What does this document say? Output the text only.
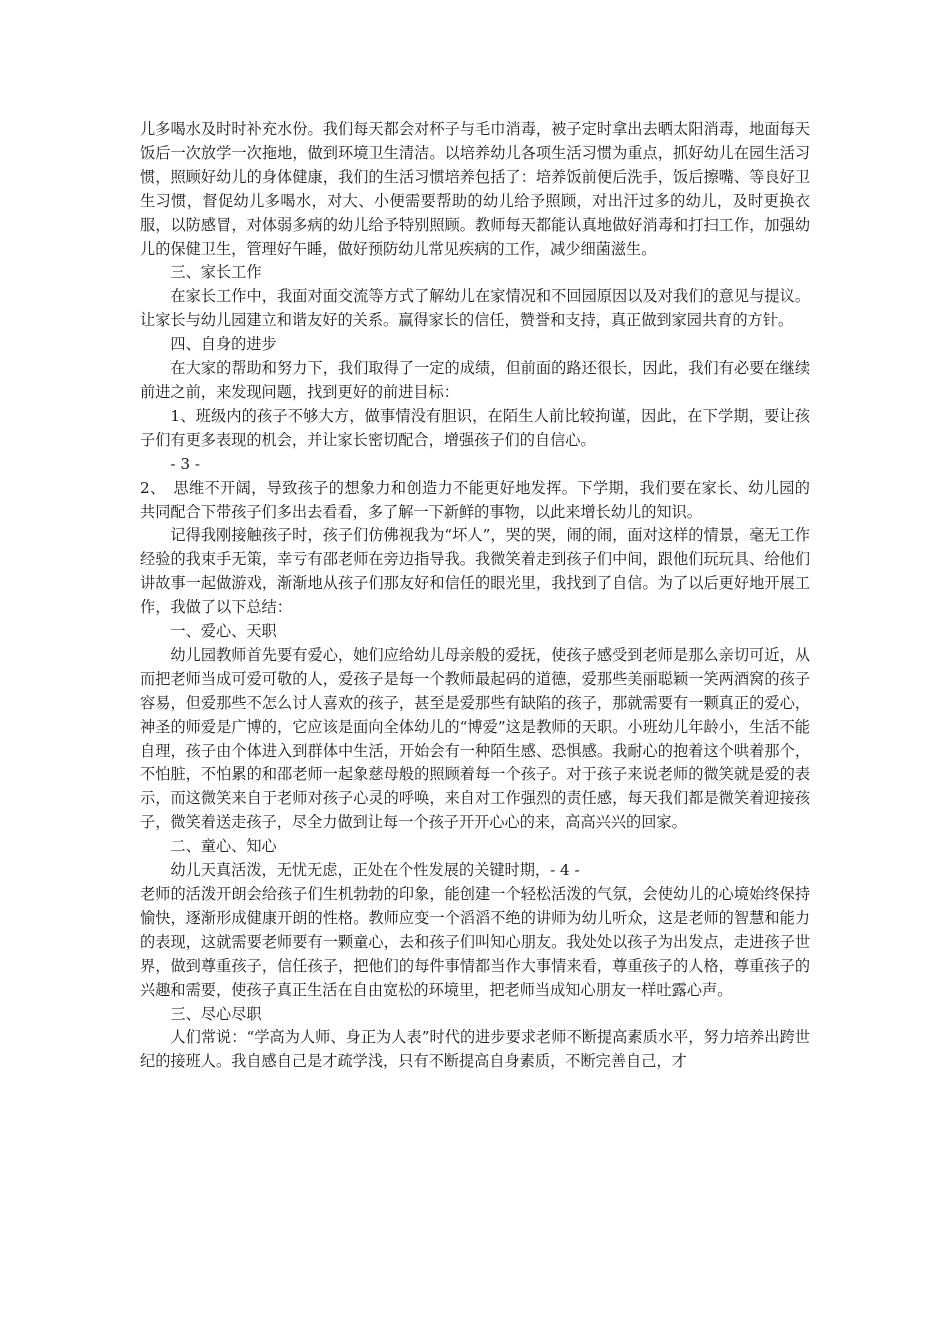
儿多喝水及时时补充水份。我们每天都会对杯子与毛巾消毒，被子定时拿出去晒太阳消毒，地面每天饭后一次放学一次拖地，做到环境卫生清洁。以培养幼儿各项生活习惯为重点，抓好幼儿在园生活习惯，照顾好幼儿的身体健康，我们的生活习惯培养包括了：培养饭前便后洗手，饭后擦嘴、等良好卫生习惯，督促幼儿多喝水，对大、小便需要帮助的幼儿给予照顾，对出汗过多的幼儿，及时更换衣服，以防感冒，对体弱多病的幼儿给予特别照顾。教师每天都能认真地做好消毒和打扫工作，加强幼儿的保健卫生，管理好午睡，做好预防幼儿常见疾病的工作，减少细菌滋生。

三、家长工作

在家长工作中，我面对面交流等方式了解幼儿在家情况和不回园原因以及对我们的意见与提议。让家长与幼儿园建立和谐友好的关系。赢得家长的信任，赞誉和支持，真正做到家园共育的方针。

四、自身的进步

在大家的帮助和努力下，我们取得了一定的成绩，但前面的路还很长，因此，我们有必要在继续前进之前，来发现问题，找到更好的前进目标：

1、班级内的孩子不够大方，做事情没有胆识，在陌生人前比较拘谨，因此，在下学期，要让孩子们有更多表现的机会，并让家长密切配合，增强孩子们的自信心。

- 3 -

2、　思维不开阔，导致孩子的想象力和创造力不能更好地发挥。下学期，我们要在家长、幼儿园的共同配合下带孩子们多出去看看，多了解一下新鲜的事物，以此来增长幼儿的知识。

记得我刚接触孩子时，孩子们仿佛视我为“坏人”，哭的哭，闹的闹，面对这样的情景，毫无工作经验的我束手无策，幸亏有邵老师在旁边指导我。我微笑着走到孩子们中间，跟他们玩玩具、给他们讲故事一起做游戏，渐渐地从孩子们那友好和信任的眼光里，我找到了自信。为了以后更好地开展工作，我做了以下总结：

一、爱心、天职

幼儿园教师首先要有爱心，她们应给幼儿母亲般的爱抚，使孩子感受到老师是那么亲切可近，从而把老师当成可爱可敬的人，爱孩子是每一个教师最起码的道德，爱那些美丽聪颖一笑两酒窝的孩子容易，但爱那些不怎么讨人喜欢的孩子，甚至是爱那些有缺陷的孩子，那就需要有一颗真正的爱心，神圣的师爱是广博的，它应该是面向全体幼儿的“博爱”这是教师的天职。小班幼儿年龄小，生活不能自理，孩子由个体进入到群体中生活，开始会有一种陌生感、恐惧感。我耐心的抱着这个哄着那个，不怕脏，不怕累的和邵老师一起象慈母般的照顾着每一个孩子。对于孩子来说老师的微笑就是爱的表示，而这微笑来自于老师对孩子心灵的呼唤，来自对工作强烈的责任感，每天我们都是微笑着迎接孩子，微笑着送走孩子，尽全力做到让每一个孩子开开心心的来，高高兴兴的回家。

二、童心、知心

幼儿天真活泼，无忧无虑，正处在个性发展的关键时期，- 4 -

老师的活泼开朗会给孩子们生机勃勃的印象，能创建一个轻松活泼的气氛，会使幼儿的心境始终保持愉快，逐渐形成健康开朗的性格。教师应变一个滔滔不绝的讲师为幼儿听众，这是老师的智慧和能力的表现，这就需要老师要有一颗童心，去和孩子们叫知心朋友。我处处以孩子为出发点，走进孩子世界，做到尊重孩子，信任孩子，把他们的每件事情都当作大事情来看，尊重孩子的人格，尊重孩子的兴趣和需要，使孩子真正生活在自由宽松的环境里，把老师当成知心朋友一样吐露心声。

三、尽心尽职

人们常说：“学高为人师、身正为人表”时代的进步要求老师不断提高素质水平，努力培养出跨世纪的接班人。我自感自己是才疏学浅，只有不断提高自身素质，不断完善自己，才
